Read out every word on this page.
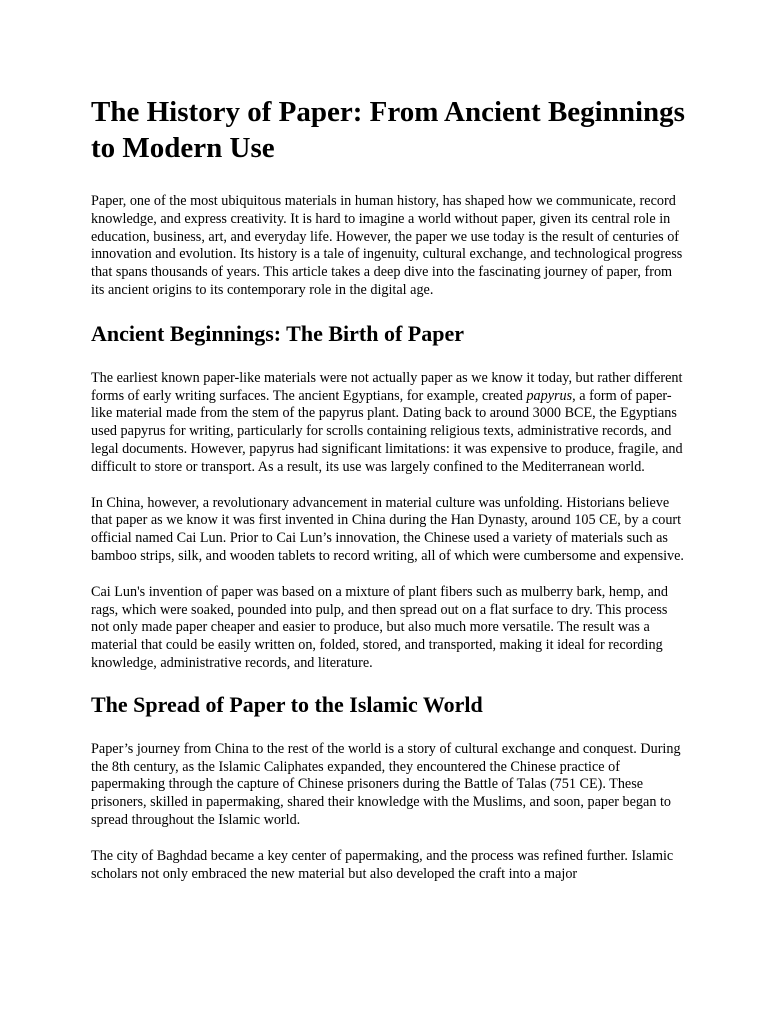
The History of Paper: From Ancient Beginnings to Modern Use

Paper, one of the most ubiquitous materials in human history, has shaped how we communicate, record knowledge, and express creativity. It is hard to imagine a world without paper, given its central role in education, business, art, and everyday life. However, the paper we use today is the result of centuries of innovation and evolution. Its history is a tale of ingenuity, cultural exchange, and technological progress that spans thousands of years. This article takes a deep dive into the fascinating journey of paper, from its ancient origins to its contemporary role in the digital age.

Ancient Beginnings: The Birth of Paper

The earliest known paper-like materials were not actually paper as we know it today, but rather different forms of early writing surfaces. The ancient Egyptians, for example, created papyrus, a form of paper-like material made from the stem of the papyrus plant. Dating back to around 3000 BCE, the Egyptians used papyrus for writing, particularly for scrolls containing religious texts, administrative records, and legal documents. However, papyrus had significant limitations: it was expensive to produce, fragile, and difficult to store or transport. As a result, its use was largely confined to the Mediterranean world.

In China, however, a revolutionary advancement in material culture was unfolding. Historians believe that paper as we know it was first invented in China during the Han Dynasty, around 105 CE, by a court official named Cai Lun. Prior to Cai Lun’s innovation, the Chinese used a variety of materials such as bamboo strips, silk, and wooden tablets to record writing, all of which were cumbersome and expensive.

Cai Lun's invention of paper was based on a mixture of plant fibers such as mulberry bark, hemp, and rags, which were soaked, pounded into pulp, and then spread out on a flat surface to dry. This process not only made paper cheaper and easier to produce, but also much more versatile. The result was a material that could be easily written on, folded, stored, and transported, making it ideal for recording knowledge, administrative records, and literature.

The Spread of Paper to the Islamic World

Paper’s journey from China to the rest of the world is a story of cultural exchange and conquest. During the 8th century, as the Islamic Caliphates expanded, they encountered the Chinese practice of papermaking through the capture of Chinese prisoners during the Battle of Talas (751 CE). These prisoners, skilled in papermaking, shared their knowledge with the Muslims, and soon, paper began to spread throughout the Islamic world.

The city of Baghdad became a key center of papermaking, and the process was refined further. Islamic scholars not only embraced the new material but also developed the craft into a major
